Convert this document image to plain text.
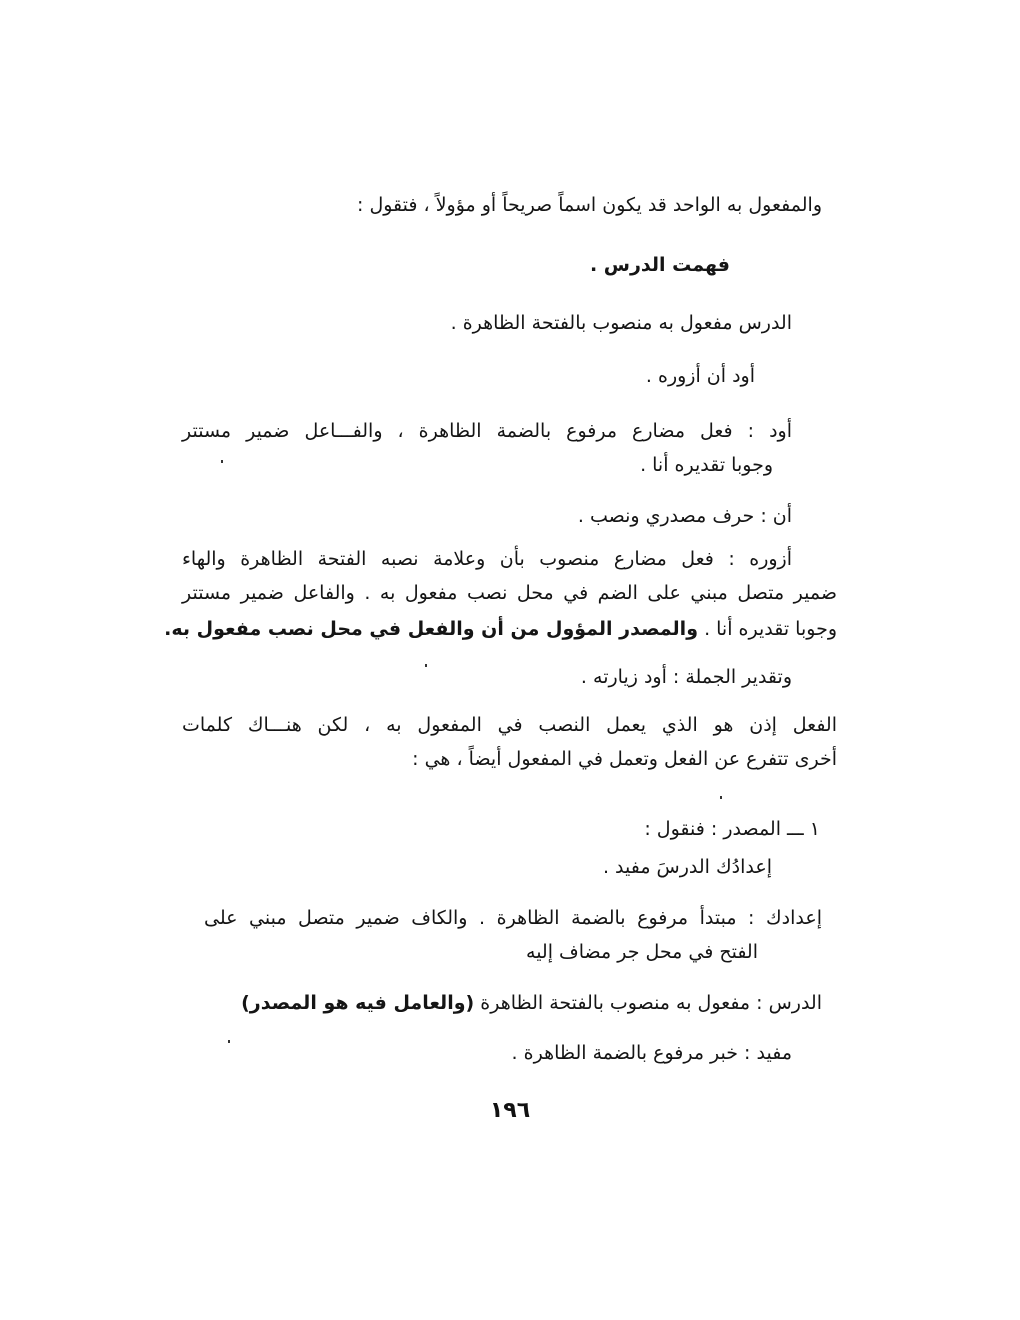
والمفعول به الواحد قد يكون اسماً صريحاً أو مؤولاً ، فتقول :
فهمت الدرس .
الدرس مفعول به منصوب بالفتحة الظاهرة .
أود أن أزوره .
أود : فعل مضارع مرفوع بالضمة الظاهرة ، والفـــاعل ضمير مستتر
وجوبا تقديره أنا .
أن : حرف مصدري ونصب .
أزوره : فعل مضارع منصوب بأن وعلامة نصبه الفتحة الظاهرة والهاء
ضمير متصل مبني على الضم في محل نصب مفعول به . والفاعل ضمير مستتر
وجوبا تقديره أنا . والمصدر المؤول من أن والفعل في محل نصب مفعول به.
وتقدير الجملة : أود زيارته .
الفعل إذن هو الذي يعمل النصب في المفعول به ، لكن هنـــاك كلمات
أخرى تتفرع عن الفعل وتعمل في المفعول أيضاً ، هي :
١ ـــ المصدر : فنقول :
إعدادُك الدرسَ مفيد .
إعدادك : مبتدأ مرفوع بالضمة الظاهرة . والكاف ضمير متصل مبني على
الفتح في محل جر مضاف إليه
الدرس : مفعول به منصوب بالفتحة الظاهرة (والعامل فيه هو المصدر)
مفيد : خبر مرفوع بالضمة الظاهرة .
١٩٦
